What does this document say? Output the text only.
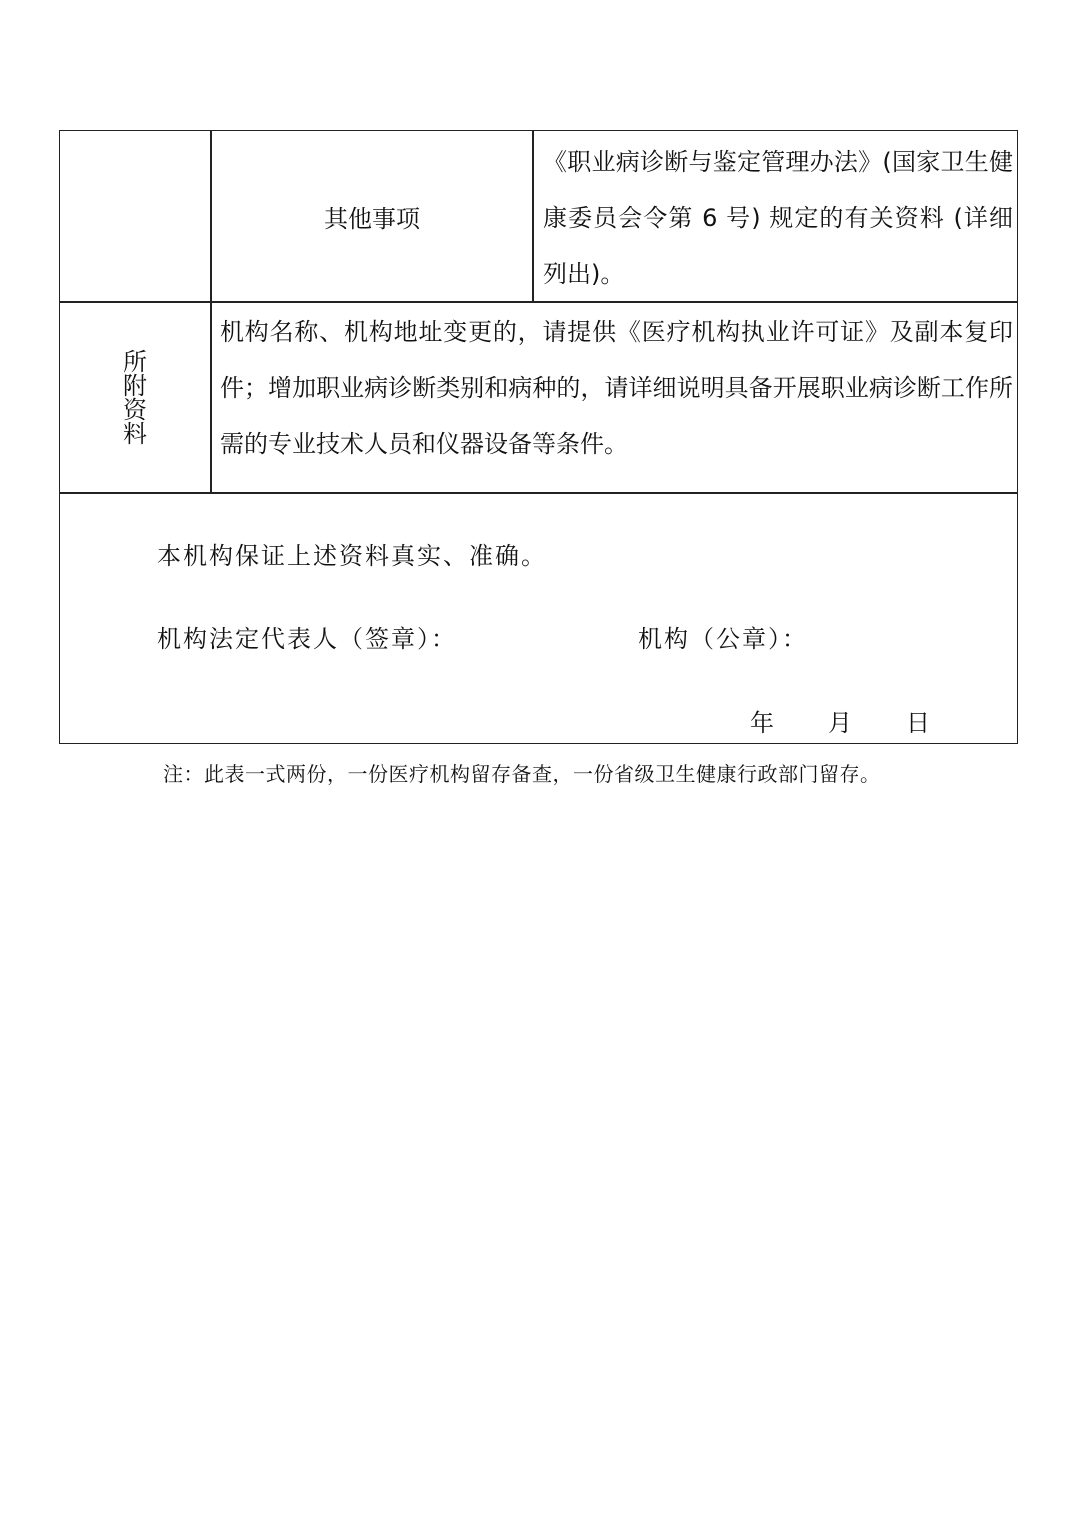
其他事项
《职业病诊断与鉴定管理办法》(国家卫生健康委员会令第 6 号) 规定的有关资料 (详细列出)。
所附资料
机构名称、机构地址变更的，请提供《医疗机构执业许可证》及副本复印件；增加职业病诊断类别和病种的，请详细说明具备开展职业病诊断工作所需的专业技术人员和仪器设备等条件。
本机构保证上述资料真实、准确。
机构法定代表人（签章）：	机构（公章）：
年 月 日
注：此表一式两份，一份医疗机构留存备查，一份省级卫生健康行政部门留存。
